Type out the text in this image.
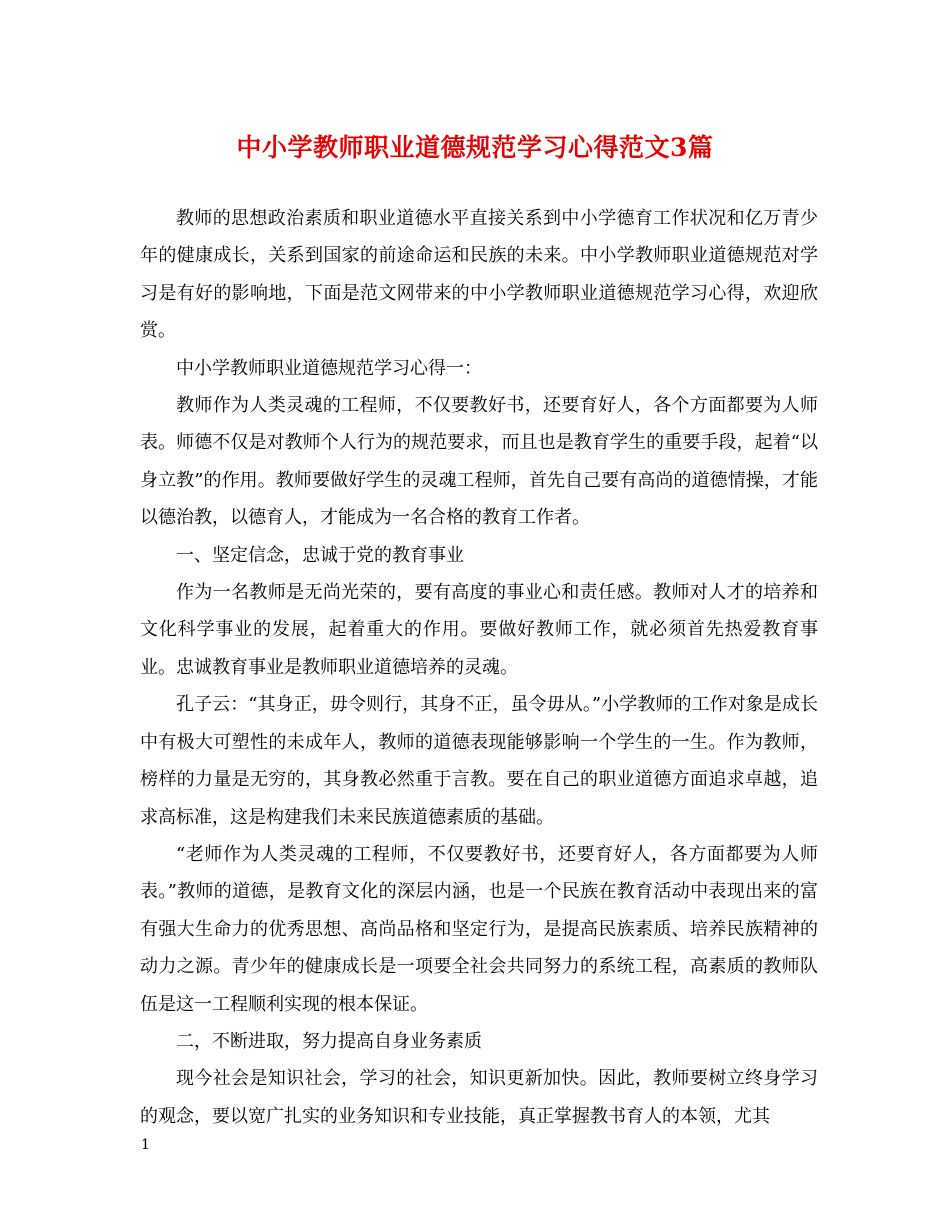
中小学教师职业道德规范学习心得范文3篇

教师的思想政治素质和职业道德水平直接关系到中小学德育工作状况和亿万青少年的健康成长，关系到国家的前途命运和民族的未来。中小学教师职业道德规范对学习是有好的影响地，下面是范文网带来的中小学教师职业道德规范学习心得，欢迎欣赏。

中小学教师职业道德规范学习心得一：

教师作为人类灵魂的工程师，不仅要教好书，还要育好人，各个方面都要为人师表。师德不仅是对教师个人行为的规范要求，而且也是教育学生的重要手段，起着“以身立教”的作用。教师要做好学生的灵魂工程师，首先自己要有高尚的道德情操，才能以德治教，以德育人，才能成为一名合格的教育工作者。

一、坚定信念，忠诚于党的教育事业

作为一名教师是无尚光荣的，要有高度的事业心和责任感。教师对人才的培养和文化科学事业的发展，起着重大的作用。要做好教师工作，就必须首先热爱教育事业。忠诚教育事业是教师职业道德培养的灵魂。

孔子云：“其身正，毋令则行，其身不正，虽令毋从。”小学教师的工作对象是成长中有极大可塑性的未成年人，教师的道德表现能够影响一个学生的一生。作为教师，榜样的力量是无穷的，其身教必然重于言教。要在自己的职业道德方面追求卓越，追求高标准，这是构建我们未来民族道德素质的基础。

“老师作为人类灵魂的工程师，不仅要教好书，还要育好人，各方面都要为人师表。”教师的道德，是教育文化的深层内涵，也是一个民族在教育活动中表现出来的富有强大生命力的优秀思想、高尚品格和坚定行为，是提高民族素质、培养民族精神的动力之源。青少年的健康成长是一项要全社会共同努力的系统工程，高素质的教师队伍是这一工程顺利实现的根本保证。

二，不断进取，努力提高自身业务素质

现今社会是知识社会，学习的社会，知识更新加快。因此，教师要树立终身学习的观念，要以宽广扎实的业务知识和专业技能，真正掌握教书育人的本领，尤其

1
